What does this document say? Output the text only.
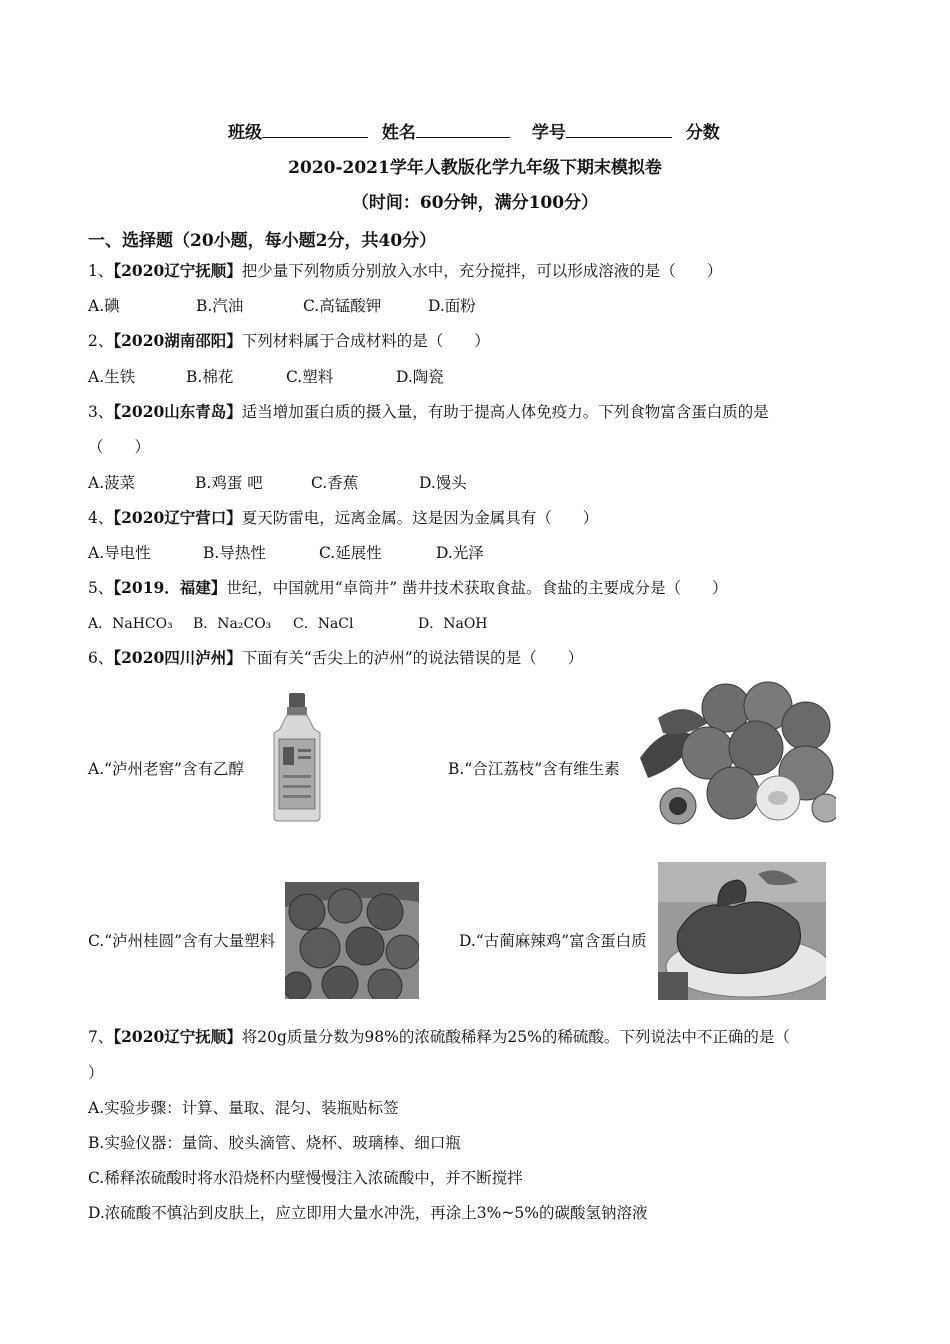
班级	姓名	学号	分数
2020-2021学年人教版化学九年级下期末模拟卷
（时间：60分钟，满分100分）
一、选择题（20小题，每小题2分，共40分）
1、【2020辽宁抚顺】把少量下列物质分别放入水中，充分搅拌，可以形成溶液的是（　　）
A.碘	B.汽油	C.高锰酸钾	D.面粉
2、【2020湖南邵阳】下列材料属于合成材料的是（　　）
A.生铁	B.棉花	C.塑料	D.陶瓷
3、【2020山东青岛】适当增加蛋白质的摄入量，有助于提高人体免疫力。下列食物富含蛋白质的是
（　　）
A.菠菜	B.鸡蛋 吧	C.香蕉	D.馒头
4、【2020辽宁营口】夏天防雷电，远离金属。这是因为金属具有（　　）
A.导电性	B.导热性	C.延展性	D.光泽
5、【2019．福建】世纪，中国就用“卓筒井” 凿井技术获取食盐。食盐的主要成分是（　　）
A．NaHCO₃ B．Na₂CO₃ C．NaCl	D．NaOH
6、【2020四川泸州】下面有关“舌尖上的泸州”的说法错误的是（　　）
A.“泸州老窖”含有乙醇	B.“合江荔枝”含有维生素
C.“泸州桂圆”含有大量塑料	D.“古蔺麻辣鸡”富含蛋白质
7、【2020辽宁抚顺】将20g质量分数为98%的浓硫酸稀释为25%的稀硫酸。下列说法中不正确的是（
）
A.实验步骤：计算、量取、混匀、装瓶贴标签
B.实验仪器：量筒、胶头滴管、烧杯、玻璃棒、细口瓶
C.稀释浓硫酸时将水沿烧杯内壁慢慢注入浓硫酸中，并不断搅拌
D.浓硫酸不慎沾到皮肤上，应立即用大量水冲洗，再涂上3%~5%的碳酸氢钠溶液
